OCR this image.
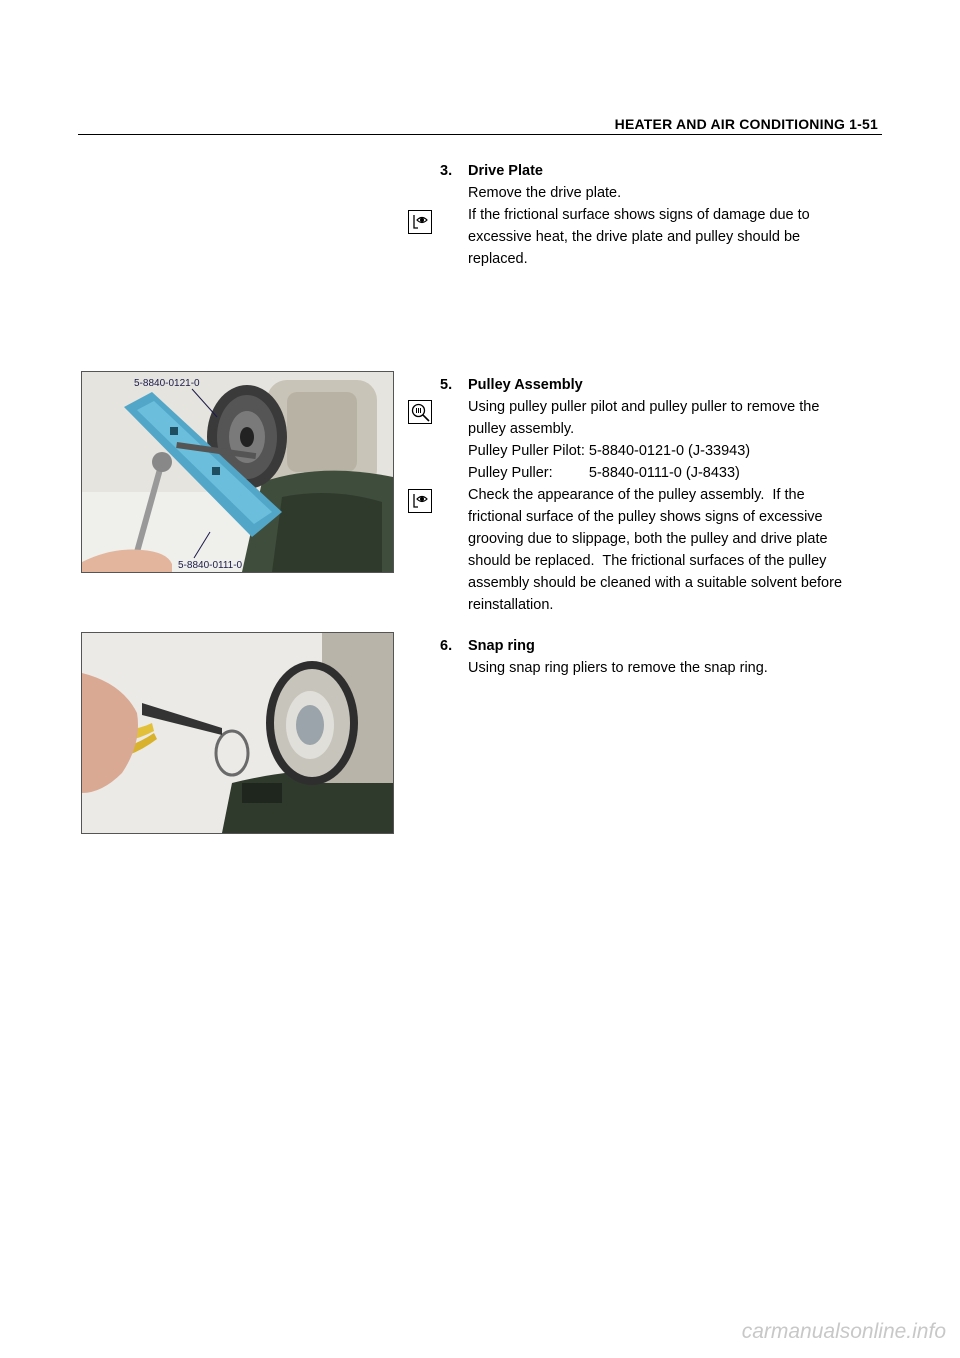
HEATER AND AIR CONDITIONING 1-51
3. Drive Plate
Remove the drive plate.
If the frictional surface shows signs of damage due to
excessive heat, the drive plate and pulley should be
replaced.
5. Pulley Assembly
Using pulley puller pilot and pulley puller to remove the
pulley assembly.
Pulley Puller Pilot: 5-8840-0121-0 (J-33943)
Pulley Puller:         5-8840-0111-0 (J-8433)
Check the appearance of the pulley assembly.  If the
frictional surface of the pulley shows signs of excessive
grooving due to slippage, both the pulley and drive plate
should be replaced.  The frictional surfaces of the pulley
assembly should be cleaned with a suitable solvent before
reinstallation.
6. Snap ring
Using snap ring pliers to remove the snap ring.
5-8840-0121-0
5-8840-0111-0
carmanualsonline.info
